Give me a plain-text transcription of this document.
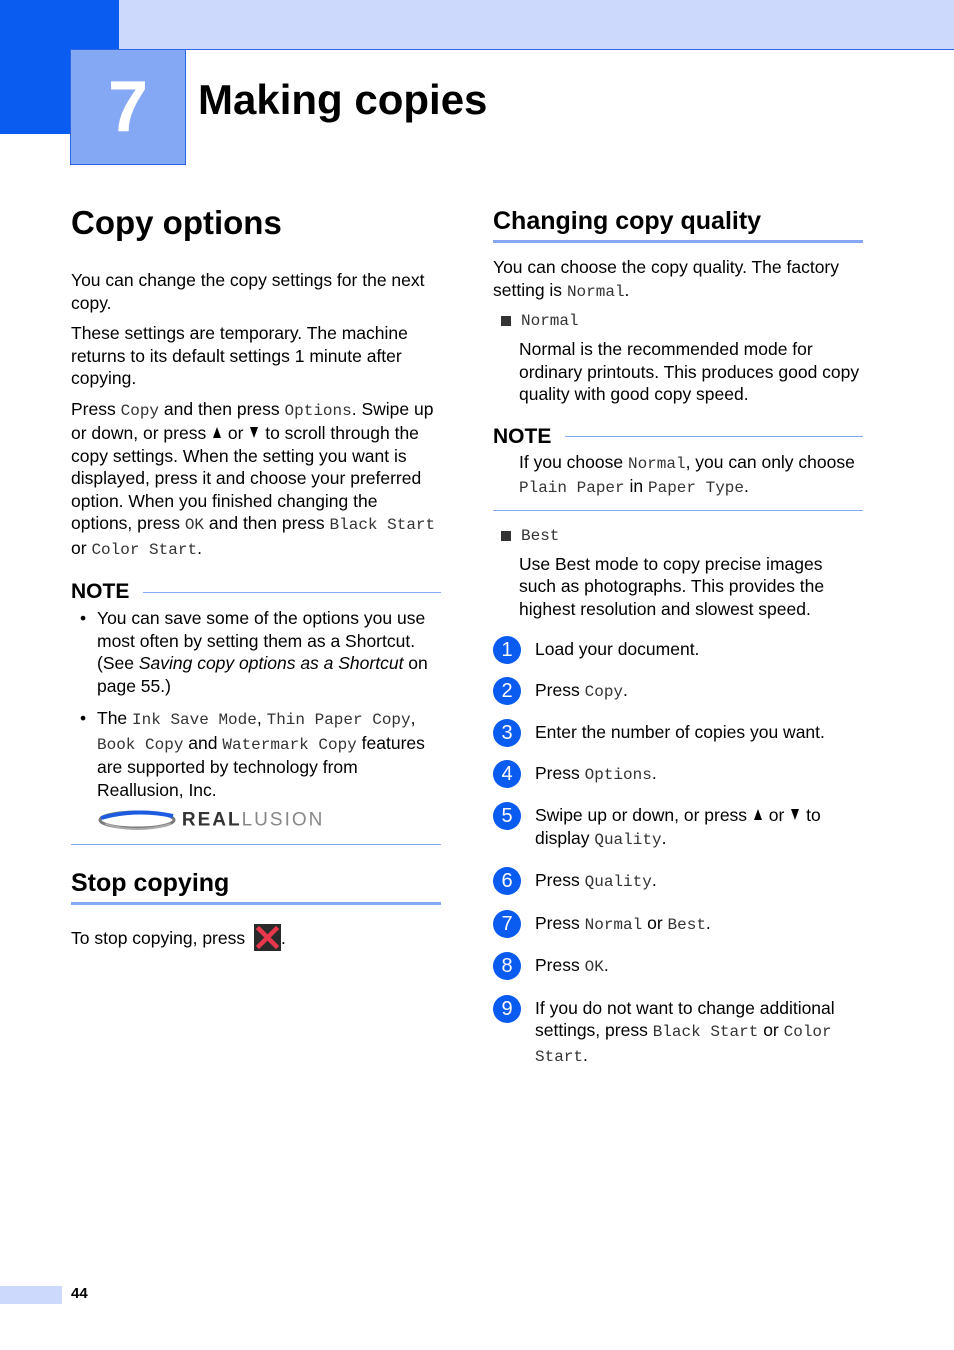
7 Making copies
Copy options

You can change the copy settings for the next copy.

These settings are temporary. The machine returns to its default settings 1 minute after copying.

Press Copy and then press Options. Swipe up or down, or press  or  to scroll through the copy settings. When the setting you want is displayed, press it and choose your preferred option. When you finished changing the options, press OK and then press Black Start or Color Start.

NOTE
• You can save some of the options you use most often by setting them as a Shortcut. (See Saving copy options as a Shortcut on page 55.)
• The Ink Save Mode, Thin Paper Copy, Book Copy and Watermark Copy features are supported by technology from Reallusion, Inc.  REALLUSION
Stop copying

To stop copying, press
.

Changing copy quality

You can choose the copy quality. The factory setting is Normal.

Normal

Normal is the recommended mode for ordinary printouts. This produces good copy quality with good copy speed.

NOTE

If you choose Normal, you can only choose Plain Paper in Paper Type.

Best

Use Best mode to copy precise images such as photographs. This provides the highest resolution and slowest speed.

1	Load your document.
2	Press Copy.
3	Enter the number of copies you want.
4	Press Options.
5	Swipe up or down, or press  or  to display Quality.
6	Press Quality.
7	Press Normal or Best.
8	Press OK.
9	If you do not want to change additional settings, press Black Start or Color Start.
44
